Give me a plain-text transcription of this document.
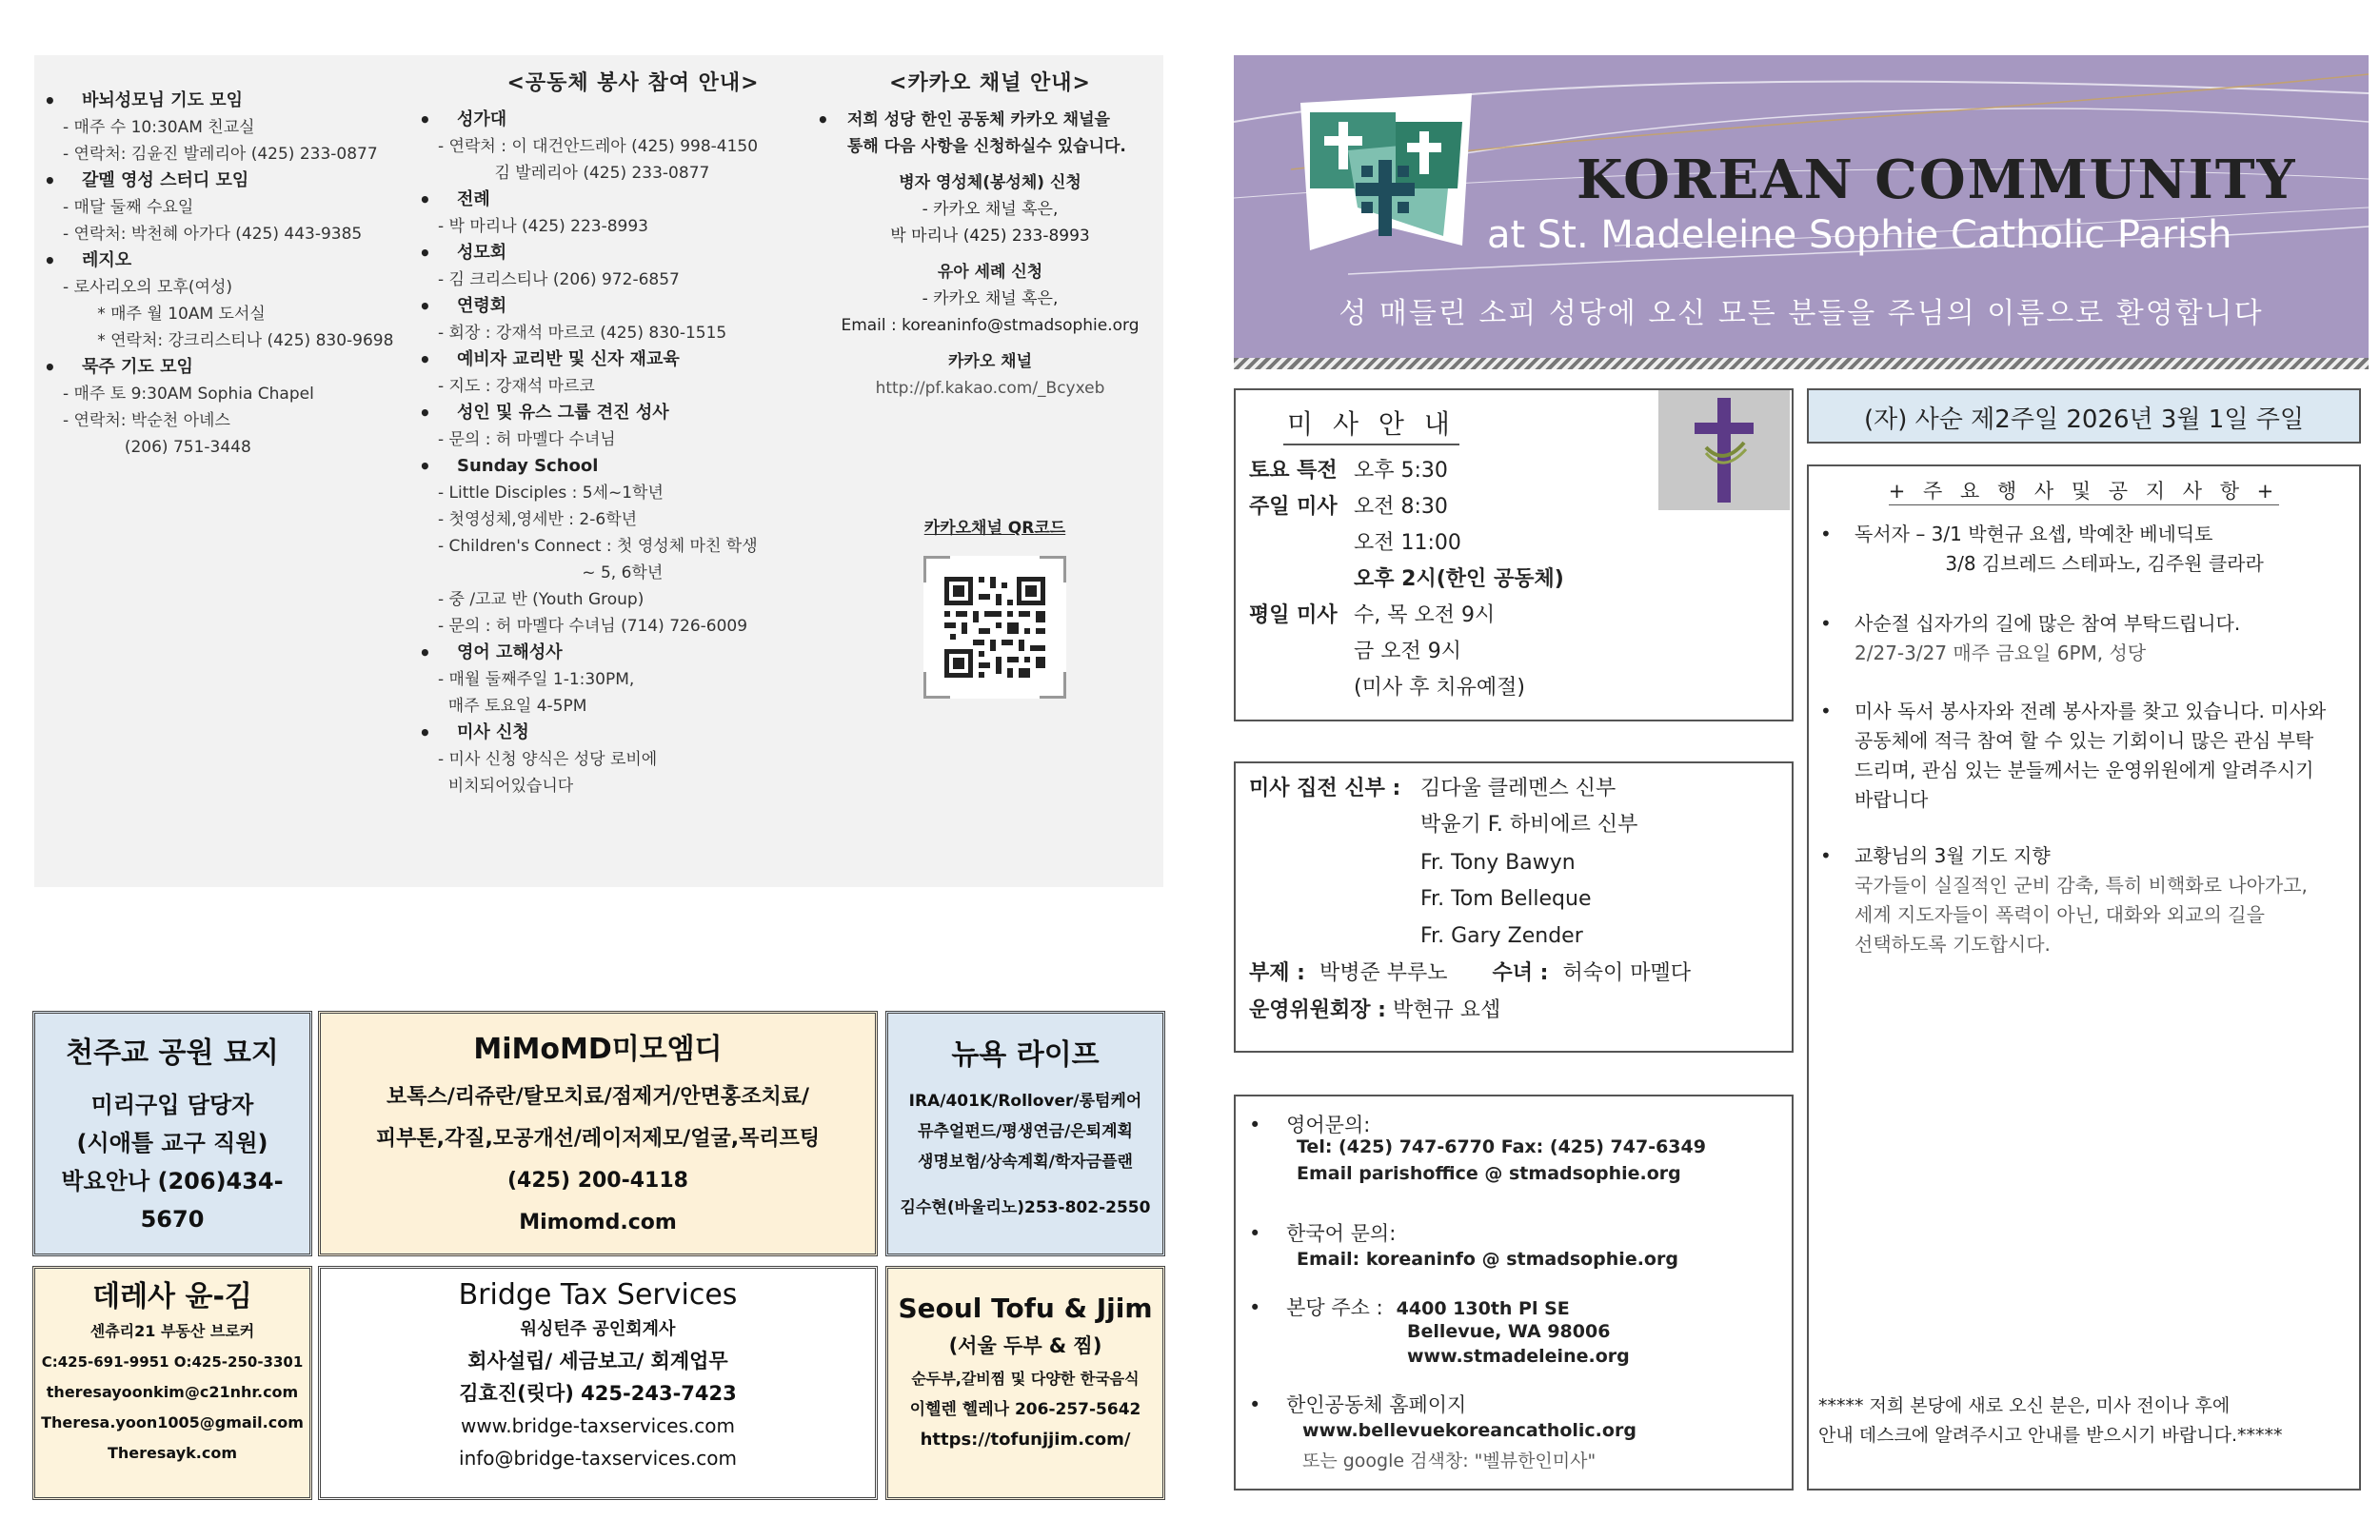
• 바뇌성모님 기도 모임
- 매주 수 10:30AM 친교실
- 연락처: 김윤진 발레리아 (425) 233-0877
• 갈멜 영성 스터디 모임
- 매달 둘째 수요일
- 연락처: 박천혜 아가다 (425) 443-9385
• 레지오
- 로사리오의 모후(여성)
* 매주 월 10AM 도서실
* 연락처: 강크리스티나 (425) 830-9698
• 묵주 기도 모임
- 매주 토 9:30AM Sophia Chapel
- 연락처: 박순천 아녜스
(206) 751-3448
<공동체 봉사 참여 안내>
• 성가대
- 연락처 : 이 대건안드레아 (425) 998-4150
김 발레리아 (425) 233-0877
• 전례
- 박 마리나 (425) 223-8993
• 성모회
- 김 크리스티나 (206) 972-6857
• 연령회
- 회장 : 강재석 마르코 (425) 830-1515
• 예비자 교리반 및 신자 재교육
- 지도 : 강재석 마르코
• 성인 및 유스 그룹 견진 성사
- 문의 : 허 마멜다 수녀님
• Sunday School
- Little Disciples : 5세~1학년
- 첫영성체,영세반 : 2-6학년
- Children's Connect : 첫 영성체 마친 학생
~ 5, 6학년
- 중 /고교 반 (Youth Group)
- 문의 : 허 마멜다 수녀님 (714) 726-6009
• 영어 고해성사
- 매월 둘째주일 1-1:30PM,
매주 토요일 4-5PM
• 미사 신청
- 미사 신청 양식은 성당 로비에
비치되어있습니다
<카카오 채널 안내>
• 저희 성당 한인 공동체 카카오 채널을
통해 다음 사항을 신청하실수 있습니다.
병자 영성체(봉성체) 신청
- 카카오 채널 혹은,
박 마리나 (425) 233-8993
유아 세례 신청
- 카카오 채널 혹은,
Email : koreaninfo@stmadsophie.org
카카오 채널
http://pf.kakao.com/_Bcyxeb
카카오채널 QR코드
천주교 공원 묘지
미리구입 담당자
(시애틀 교구 직원)
박요안나 (206)434-5670
MiMoMD미모엠디
보톡스/리쥬란/탈모치료/점제거/안면홍조치료/
피부톤,각질,모공개선/레이저제모/얼굴,목리프팅
(425) 200-4118
Mimomd.com
뉴욕 라이프
IRA/401K/Rollover/롱텀케어
뮤추얼펀드/평생연금/은퇴계획
생명보험/상속계획/학자금플랜
김수현(바울리노)253-802-2550
데레사 윤-김
센츄리21 부동산 브로커
C:425-691-9951 O:425-250-3301
theresayoonkim@c21nhr.com
Theresa.yoon1005@gmail.com
Theresayk.com
Bridge Tax Services
워싱턴주 공인회계사
회사설립/ 세금보고/ 회계업무
김효진(릿다) 425-243-7423
www.bridge-taxservices.com
info@bridge-taxservices.com
Seoul Tofu & Jjim
(서울 두부 & 찜)
순두부,갈비찜 및 다양한 한국음식
이헬렌 헬레나 206-257-5642
https://tofunjjim.com/
KOREAN COMMUNITY
at St. Madeleine Sophie Catholic Parish
성 매들린 소피 성당에 오신 모든 분들을 주님의 이름으로 환영합니다
미 사 안 내
토요 특전 오후 5:30
주일 미사 오전 8:30
오전 11:00
오후 2시(한인 공동체)
평일 미사 수, 목 오전 9시
금 오전 9시
(미사 후 치유예절)
미사 집전 신부 : 김다울 클레멘스 신부
박윤기 F. 하비에르 신부
Fr. Tony Bawyn
Fr. Tom Belleque
Fr. Gary Zender
부제 : 박병준 부루노 수녀 : 허숙이 마멜다
운영위원회장 : 박현규 요셉
•    영어문의:
Tel: (425) 747-6770 Fax: (425) 747-6349
Email parishoffice @ stmadsophie.org
•    한국어 문의:
Email: koreaninfo @ stmadsophie.org
•    본당 주소 : 4400 130th Pl SE
Bellevue, WA 98006
www.stmadeleine.org
•    한인공동체 홈페이지
www.bellevuekoreancatholic.org
또는 google 검색창: "벨뷰한인미사"
(자) 사순 제2주일 2026년 3월 1일 주일
+ 주 요 행 사 및 공 지 사 항 +
•	독서자 – 3/1 박현규 요셉, 박예찬 베네딕토
3/8 김브레드 스테파노, 김주원 클라라
•	사순절 십자가의 길에 많은 참여 부탁드립니다.
2/27-3/27 매주 금요일 6PM, 성당
•	미사 독서 봉사자와 전례 봉사자를 찾고 있습니다. 미사와
공동체에 적극 참여 할 수 있는 기회이니 많은 관심 부탁
드리며, 관심 있는 분들께서는 운영위원에게 알려주시기
바랍니다
•	교황님의 3월 기도 지향
국가들이 실질적인 군비 감축, 특히 비핵화로 나아가고,
세계 지도자들이 폭력이 아닌, 대화와 외교의 길을
선택하도록 기도합시다.
***** 저희 본당에 새로 오신 분은, 미사 전이나 후에
안내 데스크에 알려주시고 안내를 받으시기 바랍니다.*****
